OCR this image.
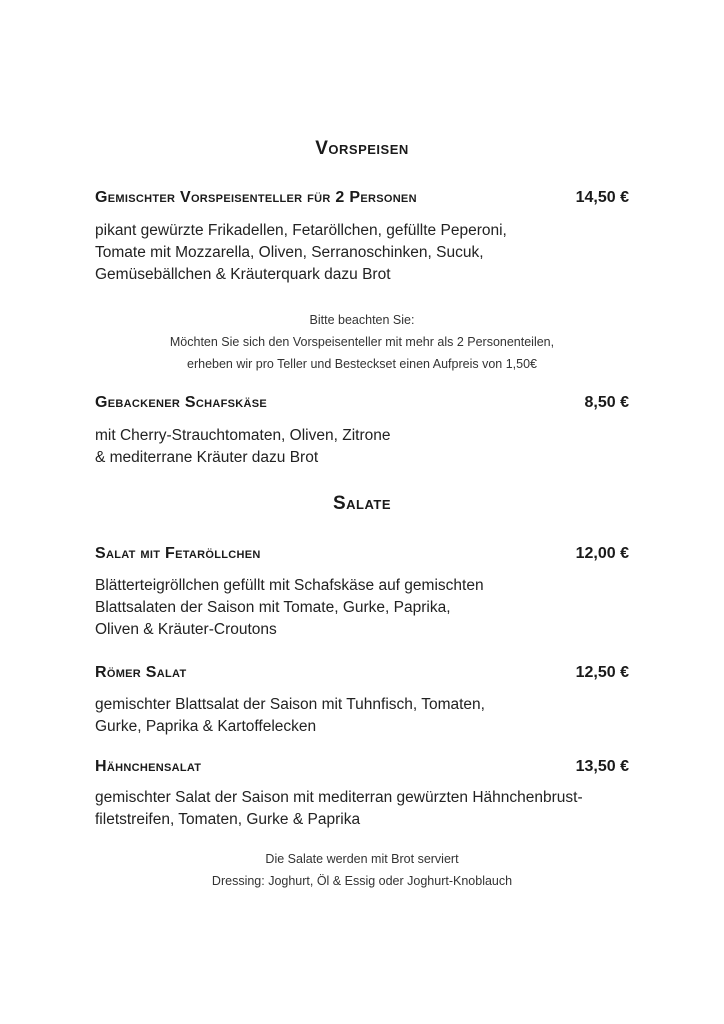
Vorspeisen
Gemischter Vorspeisenteller für 2 Personen	14,50 €
pikant gewürzte Frikadellen, Fetaröllchen, gefüllte Peperoni,
Tomate mit Mozzarella, Oliven, Serranoschinken, Sucuk,
Gemüsebällchen & Kräuterquark dazu Brot
Bitte beachten Sie:
Möchten Sie sich den Vorspeisenteller mit mehr als 2 Personenteilen,
erheben wir pro Teller und Besteckset einen Aufpreis von 1,50€
Gebackener Schafskäse	8,50 €
mit Cherry-Strauchtomaten, Oliven, Zitrone
& mediterrane Kräuter dazu Brot
Salate
Salat mit Fetaröllchen	12,00 €
Blätterteigröllchen gefüllt mit Schafskäse auf gemischten
Blattsalaten der Saison mit Tomate, Gurke, Paprika,
Oliven & Kräuter-Croutons
Römer Salat	12,50 €
gemischter Blattsalat der Saison mit Tuhnfisch, Tomaten,
Gurke, Paprika & Kartoffelecken
Hähnchensalat	13,50 €
gemischter Salat der Saison mit mediterran gewürzten Hähnchenbrust-
filetstreifen, Tomaten, Gurke & Paprika
Die Salate werden mit Brot serviert
Dressing: Joghurt, Öl & Essig oder Joghurt-Knoblauch
